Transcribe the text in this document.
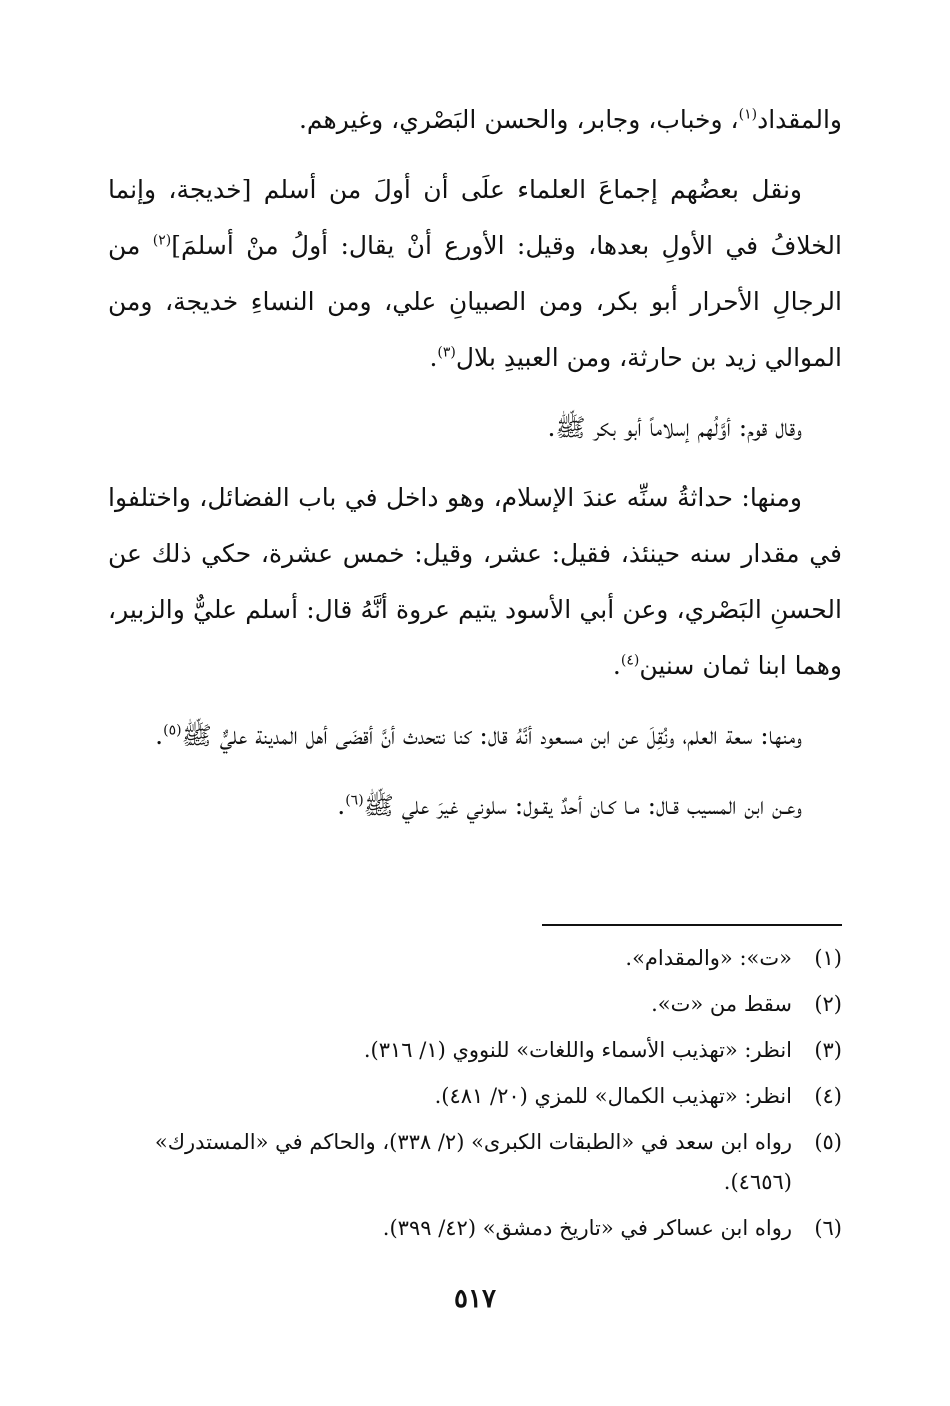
والمقداد$^{(١)}$، وخباب، وجابر، والحسن البَصْري، وغيرهم.

ونقل بعضُهم إجماعَ العلماء علَى أن أولَ من أسلم [خديجة، وإنما الخلافُ في الأولِ بعدها، وقيل: الأورع أنْ يقال: أولُ منْ أسلمَ]$^{(٢)}$ من الرجالِ الأحرار أبو بكر، ومن الصبيانِ علي، ومن النساءِ خديجة، ومن الموالي زيد بن حارثة، ومن العبيدِ بلال$^{(٣)}$.

وقال قوم: أوَّلُهم إسلاماً أبو بكر ﷺ.

ومنها: حداثةُ سنِّه عندَ الإسلام، وهو داخل في باب الفضائل، واختلفوا في مقدار سنه حينئذ، فقيل: عشر، وقيل: خمس عشرة، حكي ذلك عن الحسنِ البَصْري، وعن أبي الأسود يتيم عروة أنَّهُ قال: أسلم عليٌّ والزبير، وهما ابنا ثمان سنين$^{(٤)}$.

ومنها: سعة العلم، ونُقِلَ عن ابن مسعود أنَّهُ قال: كنا نتحدث أنَّ أقضَى أهل المدينة عليٌّ ﷺ$^{(٥)}$.

وعـن ابن المسيب قـال: مـا كـان أحدٌ يقـول: سلوني غيرَ علي ﷺ$^{(٦)}$.

(١)
«ت»: «والمقدام».
(٢)
سقط من «ت».
(٣)
انظر: «تهذيب الأسماء واللغات» للنووي (١/ ٣١٦).
(٤)
انظر: «تهذيب الكمال» للمزي (٢٠/ ٤٨١).
(٥)
رواه ابن سعد في «الطبقات الكبرى» (٢/ ٣٣٨)، والحاكم في «المستدرك» (٤٦٥٦).
(٦)
رواه ابن عساكر في «تاريخ دمشق» (٤٢/ ٣٩٩).
٥١٧
